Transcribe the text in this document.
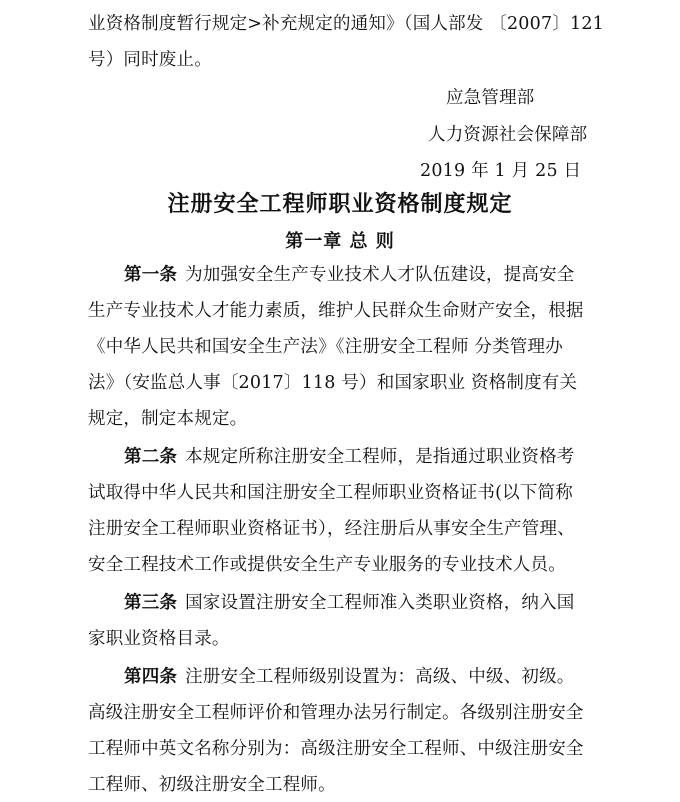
业资格制度暂行规定>补充规定的通知》（国人部发 〔2007〕121
号）同时废止。
应急管理部
人力资源社会保障部
2019 年 1 月 25 日
注册安全工程师职业资格制度规定
第一章 总 则
第一条 为加强安全生产专业技术人才队伍建设，提高安全
生产专业技术人才能力素质，维护人民群众生命财产安全，根据
《中华人民共和国安全生产法》《注册安全工程师 分类管理办
法》（安监总人事〔2017〕118 号）和国家职业 资格制度有关
规定，制定本规定。
第二条 本规定所称注册安全工程师，是指通过职业资格考
试取得中华人民共和国注册安全工程师职业资格证书(以下简称
注册安全工程师职业资格证书），经注册后从事安全生产管理、
安全工程技术工作或提供安全生产专业服务的专业技术人员。
第三条 国家设置注册安全工程师准入类职业资格，纳入国
家职业资格目录。
第四条 注册安全工程师级别设置为：高级、中级、初级。
高级注册安全工程师评价和管理办法另行制定。各级别注册安全
工程师中英文名称分别为：高级注册安全工程师、中级注册安全
工程师、初级注册安全工程师。
